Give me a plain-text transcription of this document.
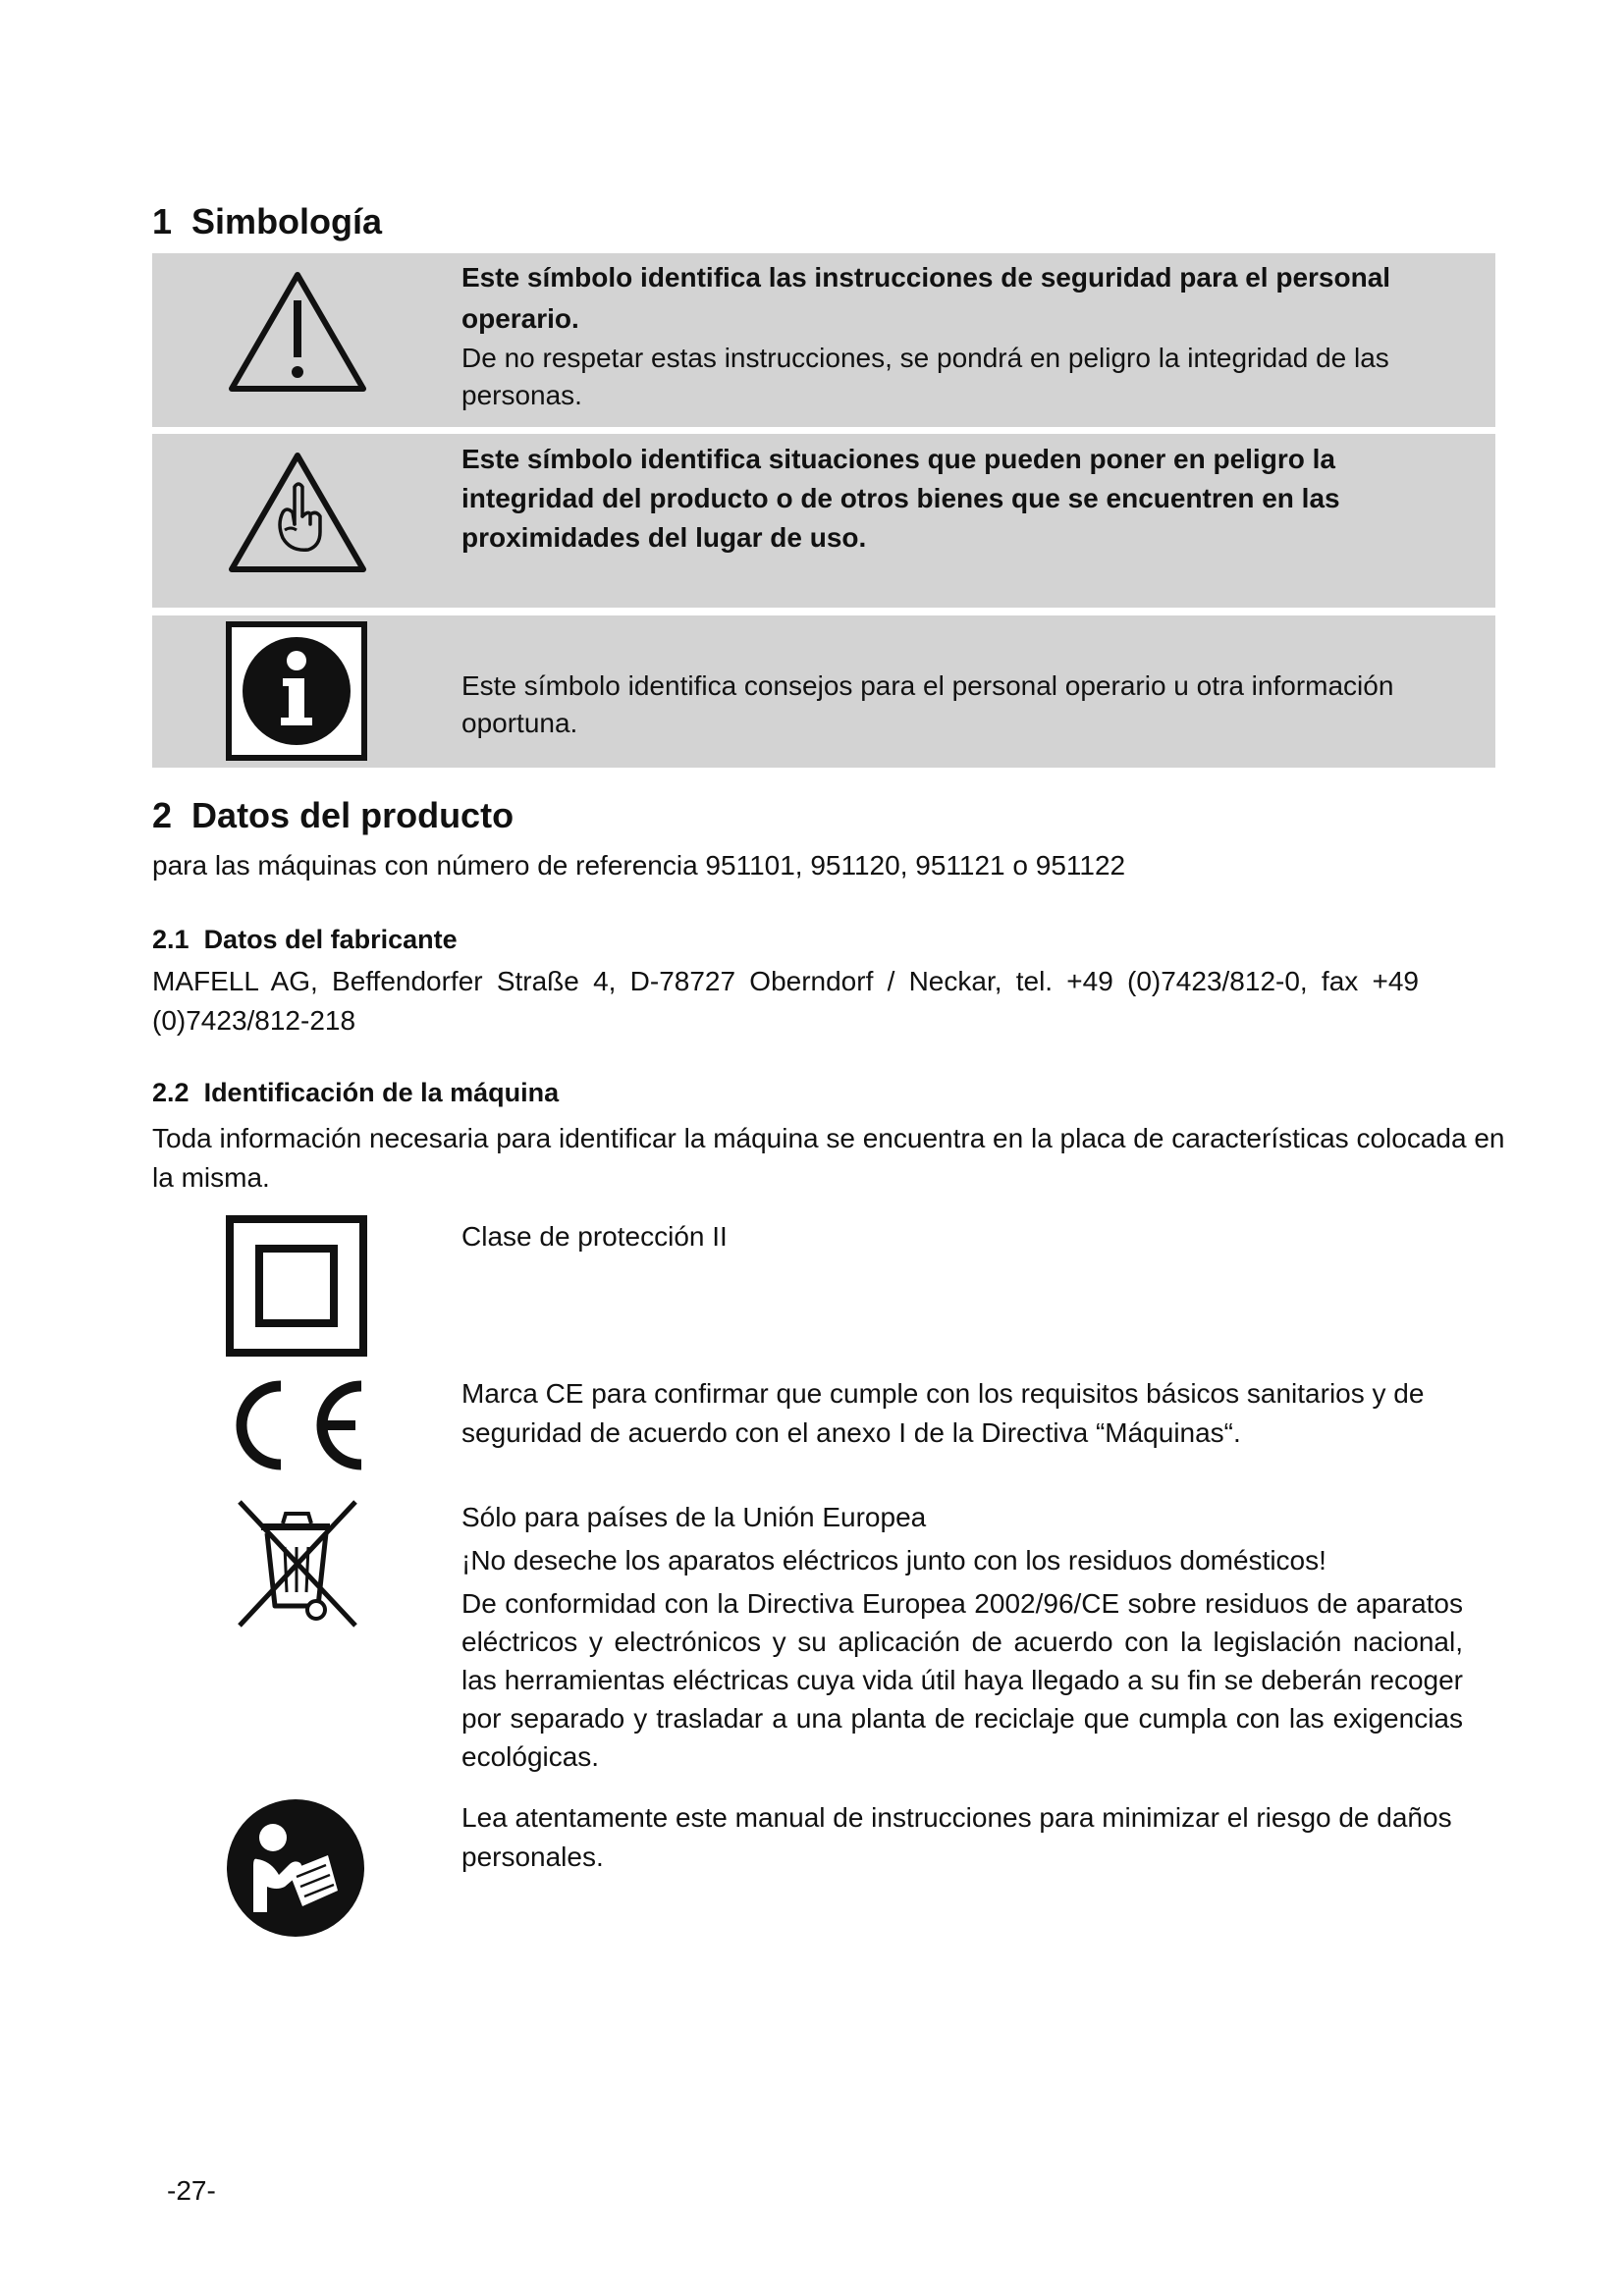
1 Simbología
Este símbolo identifica las instrucciones de seguridad para el personal operario.
De no respetar estas instrucciones, se pondrá en peligro la integridad de las personas.
Este símbolo identifica situaciones que pueden poner en peligro la integridad del producto o de otros bienes que se encuentren en las proximidades del lugar de uso.
Este símbolo identifica consejos para el personal operario u otra información oportuna.
2 Datos del producto

para las máquinas con número de referencia 951101, 951120, 951121 o 951122

2.1 Datos del fabricante

MAFELL AG, Beffendorfer Straße 4, D-78727 Oberndorf / Neckar, tel. +49 (0)7423/812-0, fax +49 (0)7423/812-218

2.2 Identificación de la máquina

Toda información necesaria para identificar la máquina se encuentra en la placa de características colocada en la misma.

Clase de protección II
Marca CE para confirmar que cumple con los requisitos básicos sanitarios y de seguridad de acuerdo con el anexo I de la Directiva “Máquinas“.
Sólo para países de la Unión Europea
¡No deseche los aparatos eléctricos junto con los residuos domésticos!
De conformidad con la Directiva Europea 2002/96/CE sobre residuos de aparatos eléctricos y electrónicos y su aplicación de acuerdo con la legislación nacional, las herramientas eléctricas cuya vida útil haya llegado a su fin se deberán recoger por separado y trasladar a una planta de reciclaje que cumpla con las exigencias ecológicas.
Lea atentamente este manual de instrucciones para minimizar el riesgo de daños personales.
-27-
